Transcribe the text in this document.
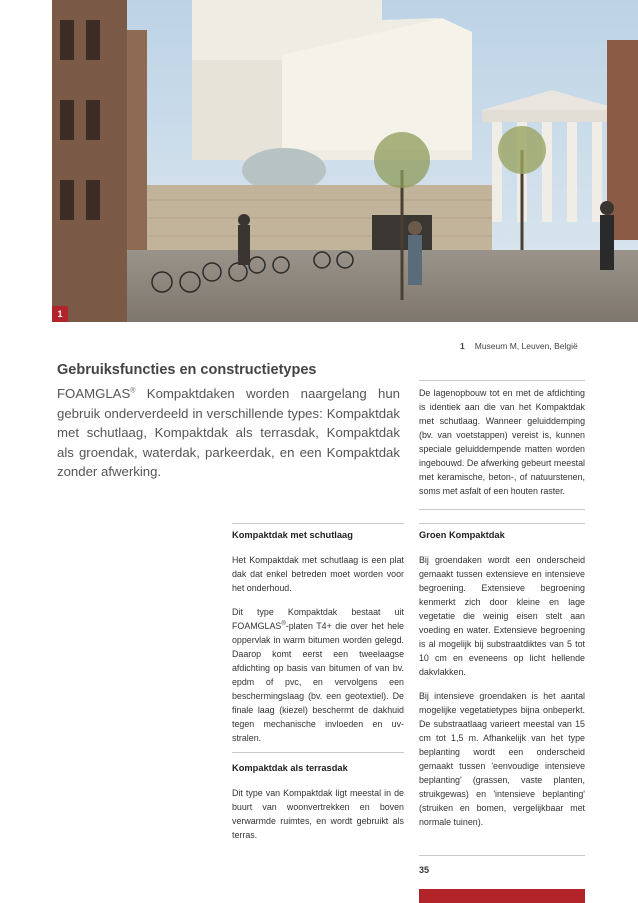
1
1 Museum M, Leuven, België
Gebruiksfuncties en constructietypes
FOAMGLAS® Kompaktdaken worden naargelang hun gebruik onderverdeeld in verschillende types: Kompaktdak met schutlaag, Kompaktdak als terrasdak, Kompaktdak als groendak, waterdak, parkeerdak, en een Kompaktdak zonder afwerking.

De lagenopbouw tot en met de afdichting is identiek aan die van het Kompaktdak met schutlaag. Wanneer geluiddemping (bv. van voetstappen) vereist is, kunnen speciale geluiddempende matten worden ingebouwd. De afwerking gebeurt meestal met keramische, beton-, of natuurstenen, soms met asfalt of een houten raster.

Kompaktdak met schutlaag

Het Kompaktdak met schutlaag is een plat dak dat enkel betreden moet worden voor het onderhoud.

Dit type Kompaktdak bestaat uit FOAMGLAS®-platen T4+ die over het hele oppervlak in warm bitumen worden gelegd. Daarop komt eerst een tweelaagse afdichting op basis van bitumen of van bv. epdm of pvc, en vervolgens een beschermingslaag (bv. een geotextiel). De finale laag (kiezel) beschermt de dakhuid tegen mechanische invloeden en uv-stralen.

Kompaktdak als terrasdak

Dit type van Kompaktdak ligt meestal in de buurt van woonvertrekken en boven verwarmde ruimtes, en wordt gebruikt als terras.

Groen Kompaktdak

Bij groendaken wordt een onderscheid gemaakt tussen extensieve en intensieve begroening. Extensieve begroening kenmerkt zich door kleine en lage vegetatie die weinig eisen stelt aan voeding en water. Extensieve begroening is al mogelijk bij substraatdiktes van 5 tot 10 cm en eveneens op licht hellende dakvlakken.

Bij intensieve groendaken is het aantal mogelijke vegetatietypes bijna onbeperkt. De substraatlaag varieert meestal van 15 cm tot 1,5 m. Afhankelijk van het type beplanting wordt een onderscheid gemaakt tussen 'eenvoudige intensieve beplanting' (grassen, vaste planten, struikgewas) en 'intensieve beplanting' (struiken en bomen, vergelijkbaar met normale tuinen).

35
